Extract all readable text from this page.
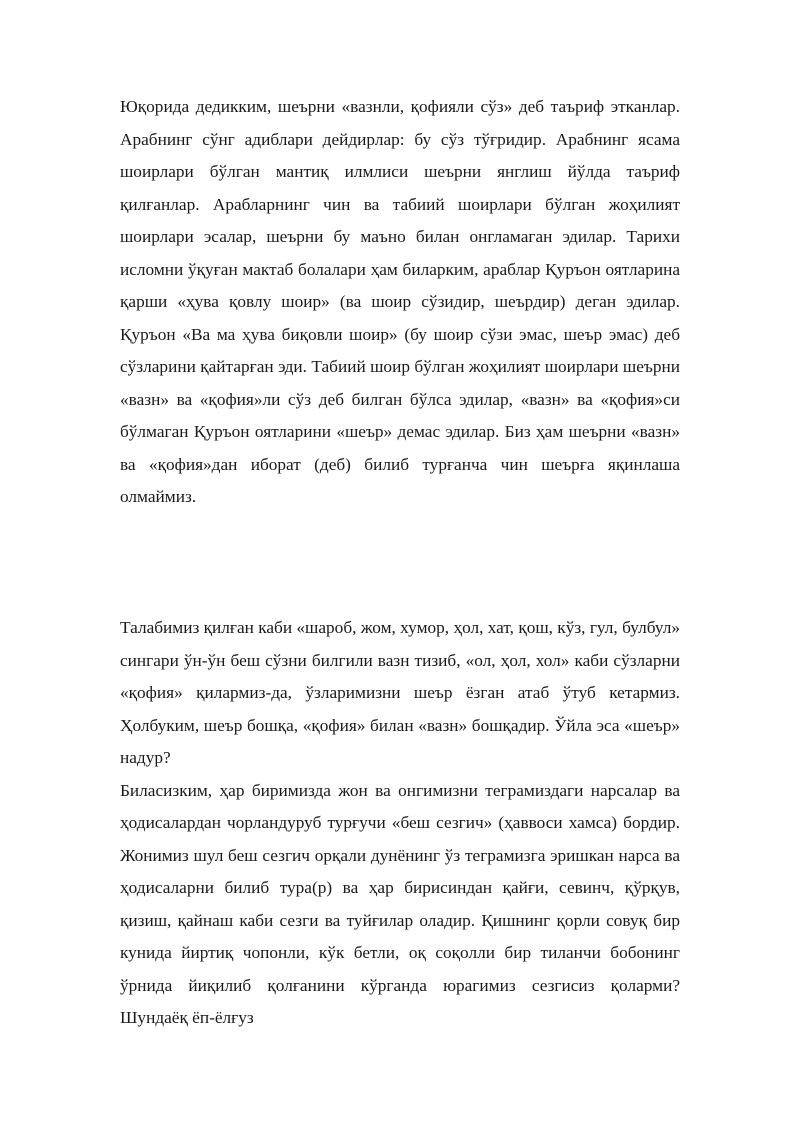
Юқорида дедикким, шеърни «вазнли, қофияли сўз» деб таъриф этканлар. Арабнинг сўнг адиблари дейдирлар: бу сўз тўғридир. Арабнинг ясама шоирлари бўлган мантиқ илмлиси шеърни янглиш йўлда таъриф қилғанлар. Арабларнинг чин ва табиий шоирлари бўлган жоҳилият шоирлари эсалар, шеърни бу маъно билан онгламаган эдилар. Тарихи исломни ўқуған мактаб болалари ҳам биларким, араблар Қуръон оятларина қарши «ҳува қовлу шоир» (ва шоир сўзидир, шеърдир) деган эдилар. Қуръон «Ва ма ҳува биқовли шоир» (бу шоир сўзи эмас, шеър эмас) деб сўзларини қайтарған эди. Табиий шоир бўлган жоҳилият шоирлари шеърни «вазн» ва «қофия»ли сўз деб билган бўлса эдилар, «вазн» ва «қофия»си бўлмаган Қуръон оятларини «шеър» демас эдилар. Биз ҳам шеърни «вазн» ва «қофия»дан иборат (деб) билиб турғанча чин шеърға яқинлаша олмаймиз.

Талабимиз қилған каби «шароб, жом, хумор, ҳол, хат, қош, кўз, гул, булбул» сингари ўн-ўн беш сўзни билгили вазн тизиб, «ол, ҳол, хол» каби сўзларни «қофия» қилармиз-да, ўзларимизни шеър ёзган атаб ўтуб кетармиз. Ҳолбуким, шеър бошқа, «қофия» билан «вазн» бошқадир. Ўйла эса «шеър» надур?

Биласизким, ҳар биримизда жон ва онгимизни теграмиздаги нарсалар ва ҳодисалардан чорландуруб турғучи «беш сезгич» (ҳаввоси хамса) бордир. Жонимиз шул беш сезгич орқали дунёнинг ўз теграмизга эришкан нарса ва ҳодисаларни билиб тура(р) ва ҳар бирисиндан қайғи, севинч, қўрқув, қизиш, қайнаш каби сезги ва туйғилар оладир. Қишнинг қорли совуқ бир кунида йиртиқ чопонли, кўк бетли, оқ соқолли бир тиланчи бобонинг ўрнида йиқилиб қолғанини кўрганда юрагимиз сезгисиз қоларми? Шундаёқ ёп-ёлғуз
